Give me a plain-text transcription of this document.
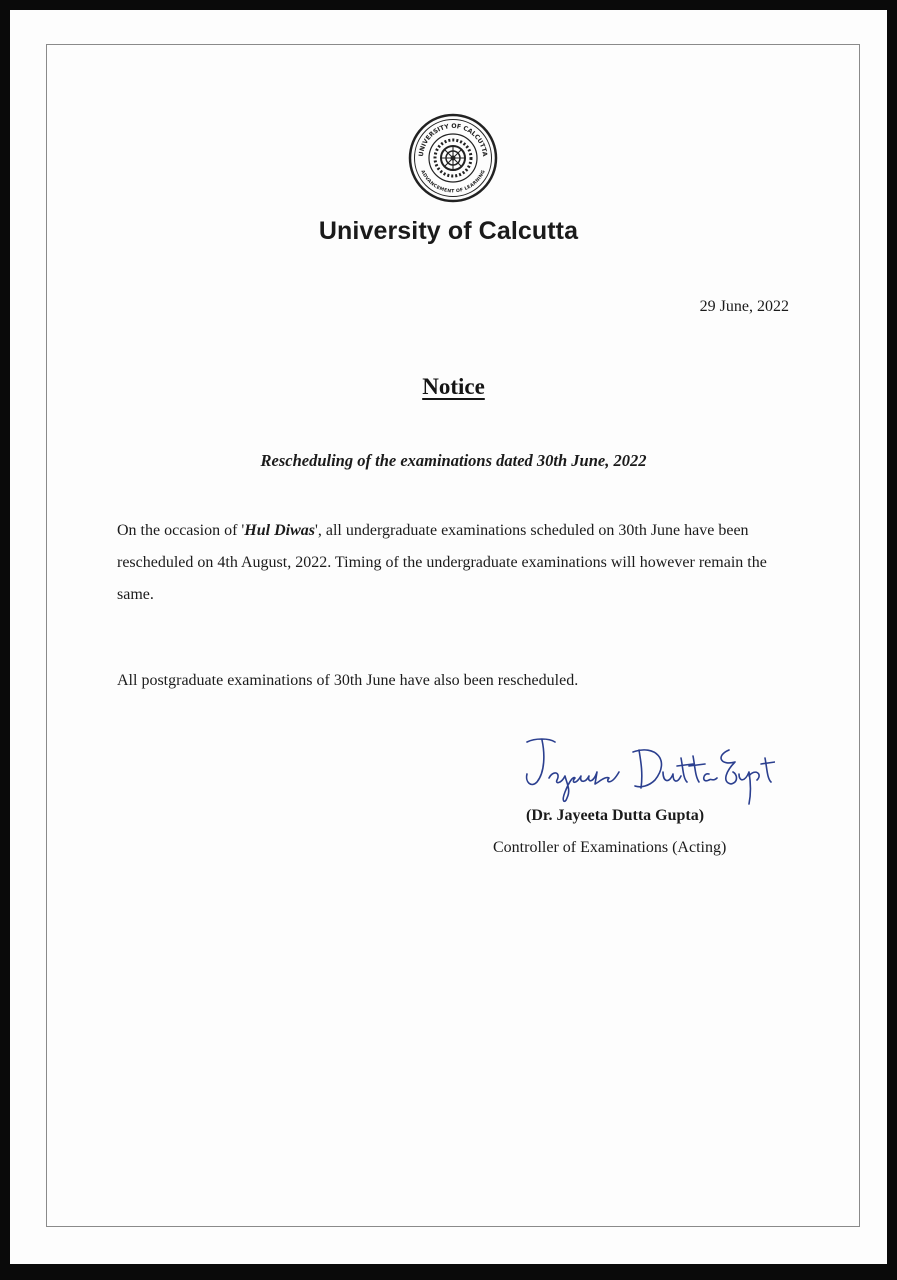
UNIVERSITY OF CALCUTTA
ADVANCEMENT OF LEARNING
University of Calcutta
29 June, 2022
Notice
Rescheduling of the examinations dated 30th June, 2022
On the occasion of 'Hul Diwas', all undergraduate examinations scheduled on 30th June have been rescheduled on 4th August, 2022. Timing of the undergraduate examinations will however remain the same.
All postgraduate examinations of 30th June have also been rescheduled.
(Dr. Jayeeta Dutta Gupta)
Controller of Examinations (Acting)
